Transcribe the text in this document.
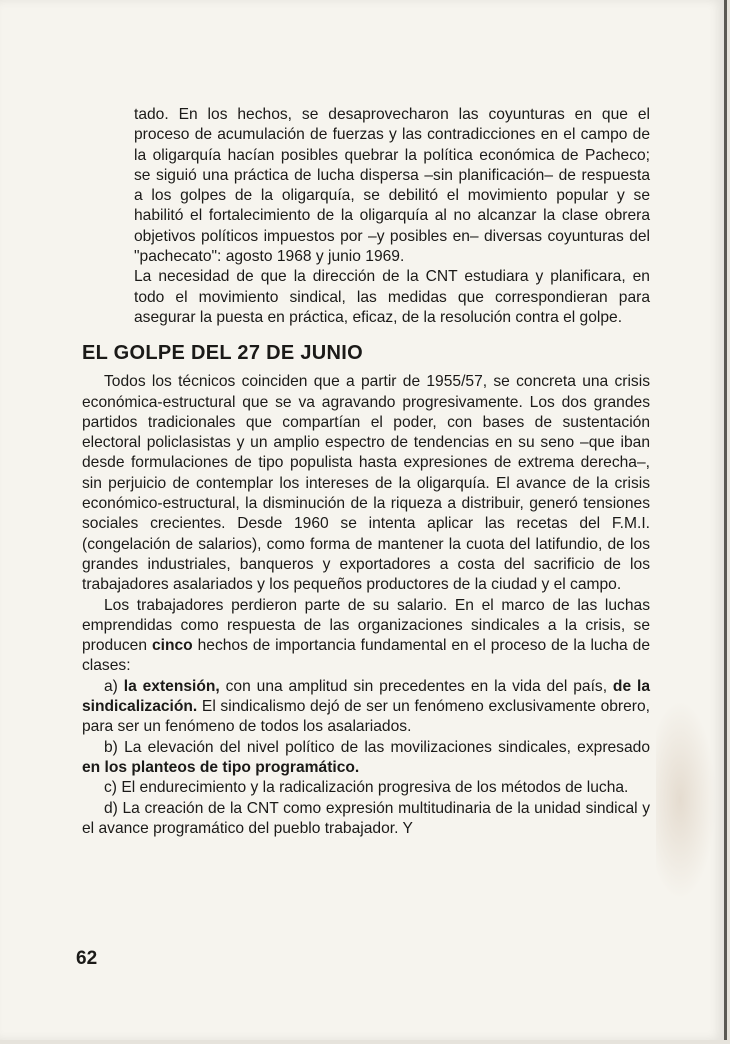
tado. En los hechos, se desaprovecharon las coyunturas en que el proceso de acumulación de fuerzas y las contradicciones en el campo de la oligarquía hacían posibles quebrar la política económica de Pacheco; se siguió una práctica de lucha dispersa –sin planificación– de respuesta a los golpes de la oligarquía, se debilitó el movimiento popular y se habilitó el fortalecimiento de la oligarquía al no alcanzar la clase obrera objetivos políticos impuestos por –y posibles en– diversas coyunturas del "pachecato": agosto 1968 y junio 1969.

La necesidad de que la dirección de la CNT estudiara y planificara, en todo el movimiento sindical, las medidas que correspondieran para asegurar la puesta en práctica, eficaz, de la resolución contra el golpe.

EL GOLPE DEL 27 DE JUNIO

Todos los técnicos coinciden que a partir de 1955/57, se concreta una crisis económica-estructural que se va agravando progresivamente. Los dos grandes partidos tradicionales que compartían el poder, con bases de sustentación electoral policlasistas y un amplio espectro de tendencias en su seno –que iban desde formulaciones de tipo populista hasta expresiones de extrema derecha–, sin perjuicio de contemplar los intereses de la oligarquía. El avance de la crisis económico-estructural, la disminución de la riqueza a distribuir, generó tensiones sociales crecientes. Desde 1960 se intenta aplicar las recetas del F.M.I. (congelación de salarios), como forma de mantener la cuota del latifundio, de los grandes industriales, banqueros y exportadores a costa del sacrificio de los trabajadores asalariados y los pequeños productores de la ciudad y el campo.

Los trabajadores perdieron parte de su salario. En el marco de las luchas emprendidas como respuesta de las organizaciones sindicales a la crisis, se producen cinco hechos de importancia fundamental en el proceso de la lucha de clases:

a) la extensión, con una amplitud sin precedentes en la vida del país, de la sindicalización. El sindicalismo dejó de ser un fenómeno exclusivamente obrero, para ser un fenómeno de todos los asalariados.

b) La elevación del nivel político de las movilizaciones sindicales, expresado en los planteos de tipo programático.

c) El endurecimiento y la radicalización progresiva de los métodos de lucha.

d) La creación de la CNT como expresión multitudinaria de la unidad sindical y el avance programático del pueblo trabajador. Y

62
